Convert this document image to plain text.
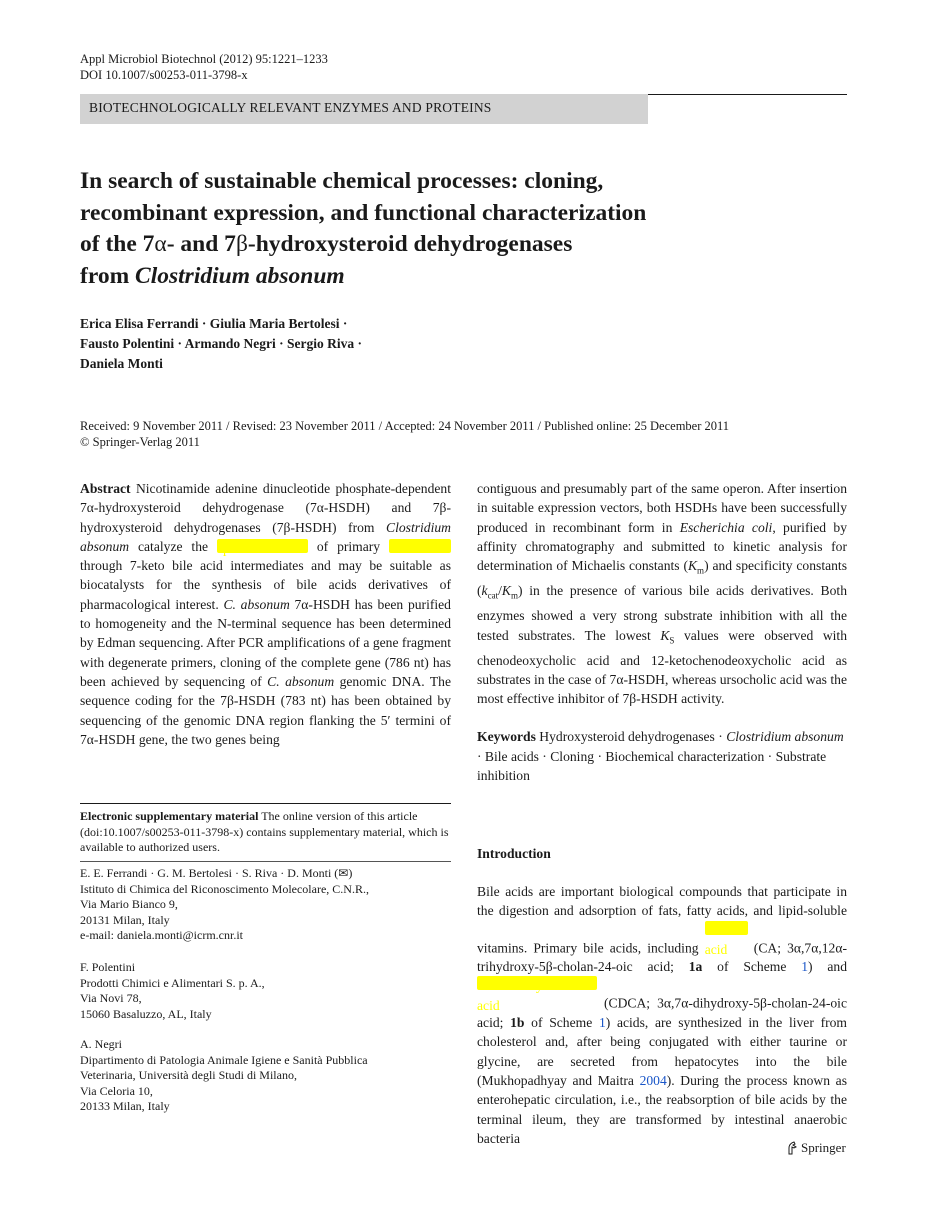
Appl Microbiol Biotechnol (2012) 95:1221–1233
DOI 10.1007/s00253-011-3798-x
BIOTECHNOLOGICALLY RELEVANT ENZYMES AND PROTEINS
In search of sustainable chemical processes: cloning,
recombinant expression, and functional characterization
of the 7α- and 7β-hydroxysteroid dehydrogenases
from Clostridium absonum
Erica Elisa Ferrandi · Giulia Maria Bertolesi ·
Fausto Polentini · Armando Negri · Sergio Riva ·
Daniela Monti
Received: 9 November 2011 / Revised: 23 November 2011 / Accepted: 24 November 2011 / Published online: 25 December 2011
© Springer-Verlag 2011

Abstract Nicotinamide adenine dinucleotide phosphate-dependent 7α-hydroxysteroid dehydrogenase (7α-HSDH) and 7β-hydroxysteroid dehydrogenases (7β-HSDH) from Clostridium absonum catalyze the epimerization of primary bile acids through 7-keto bile acid intermediates and may be suitable as biocatalysts for the synthesis of bile acids derivatives of pharmacological interest. C. absonum 7α-HSDH has been purified to homogeneity and the N-terminal sequence has been determined by Edman sequencing. After PCR amplifications of a gene fragment with degenerate primers, cloning of the complete gene (786 nt) has been achieved by sequencing of C. absonum genomic DNA. The sequence coding for the 7β-HSDH (783 nt) has been obtained by sequencing of the genomic DNA region flanking the 5′ termini of 7α-HSDH gene, the two genes being

contiguous and presumably part of the same operon. After insertion in suitable expression vectors, both HSDHs have been successfully produced in recombinant form in Escherichia coli, purified by affinity chromatography and submitted to kinetic analysis for determination of Michaelis constants $(K_m)$ and specificity constants $(k_{cat}/K_m)$ in the presence of various bile acids derivatives. Both enzymes showed a very strong substrate inhibition with all the tested substrates. The lowest $K_S$ values were observed with chenodeoxycholic acid and 12-ketochenodeoxycholic acid as substrates in the case of 7α-HSDH, whereas ursocholic acid was the most effective inhibitor of 7β-HSDH activity.

Keywords Hydroxysteroid dehydrogenases · Clostridium absonum · Bile acids · Cloning · Biochemical characterization · Substrate inhibition

Electronic supplementary material The online version of this article (doi:10.1007/s00253-011-3798-x) contains supplementary material, which is available to authorized users.
E. E. Ferrandi · G. M. Bertolesi · S. Riva · D. Monti (✉)
Istituto di Chimica del Riconoscimento Molecolare, C.N.R.,
Via Mario Bianco 9,
20131 Milan, Italy
e-mail: daniela.monti@icrm.cnr.it
F. Polentini
Prodotti Chimici e Alimentari S. p. A.,
Via Novi 78,
15060 Basaluzzo, AL, Italy
A. Negri
Dipartimento di Patologia Animale Igiene e Sanità Pubblica
Veterinaria, Università degli Studi di Milano,
Via Celoria 10,
20133 Milan, Italy
Introduction

Bile acids are important biological compounds that participate in the digestion and adsorption of fats, fatty acids, and lipid-soluble vitamins. Primary bile acids, including cholic acid (CA; 3α,7α,12α-trihydroxy-5β-cholan-24-oic acid; 1a of Scheme 1) and chenodeoxycholic acid	(CDCA; 3α,7α-dihydroxy-5β-cholan-24-oic acid; 1b of Scheme 1) acids, are synthesized in the liver from cholesterol and, after being conjugated with either taurine or glycine, are secreted from hepatocytes into the bile (Mukhopadhyay and Maitra 2004). During the process known as enterohepatic circulation, i.e., the reabsorption of bile acids by the terminal ileum, they are transformed by intestinal anaerobic bacteria

Springer
